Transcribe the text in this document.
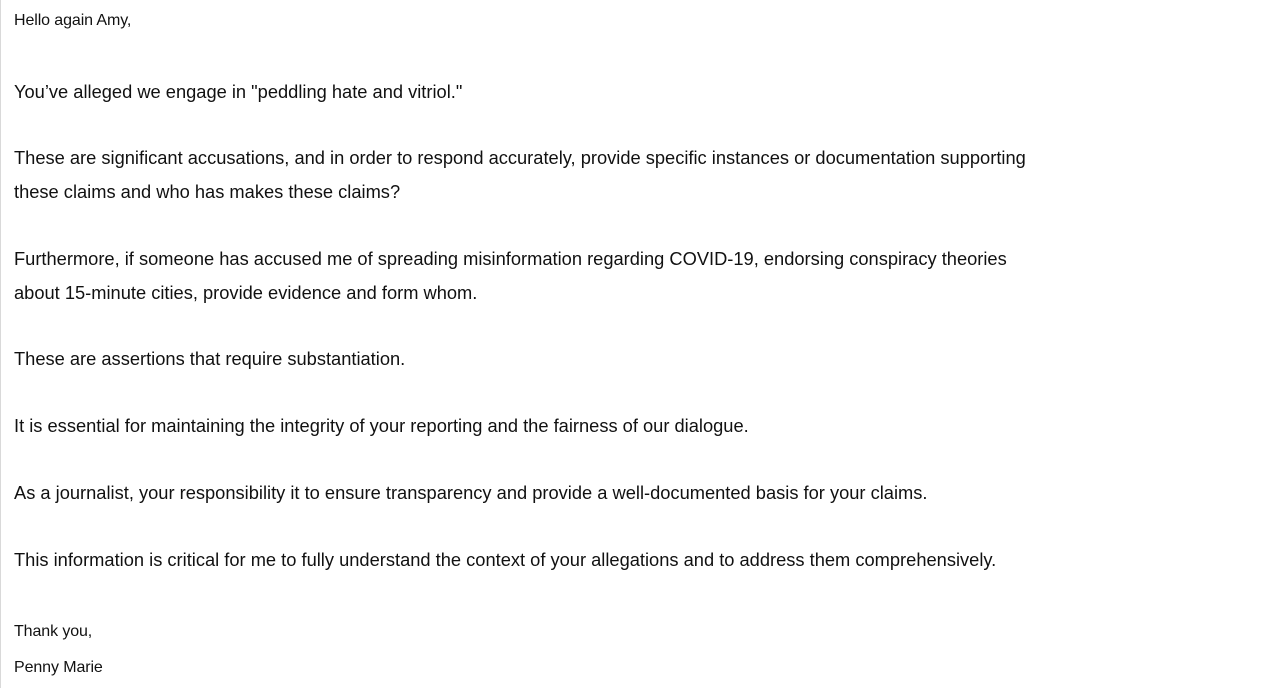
Hello again Amy,
You’ve alleged we engage in "peddling hate and vitriol."
These are significant accusations, and in order to respond accurately, provide specific instances or documentation supporting
these claims and who has makes these claims?
Furthermore, if someone has accused me of spreading misinformation regarding COVID-19, endorsing conspiracy theories
about 15-minute cities, provide evidence and form whom.
These are assertions that require substantiation.
It is essential for maintaining the integrity of your reporting and the fairness of our dialogue.
As a journalist, your responsibility it to ensure transparency and provide a well-documented basis for your claims.
This information is critical for me to fully understand the context of your allegations and to address them comprehensively.
Thank you,
Penny Marie
